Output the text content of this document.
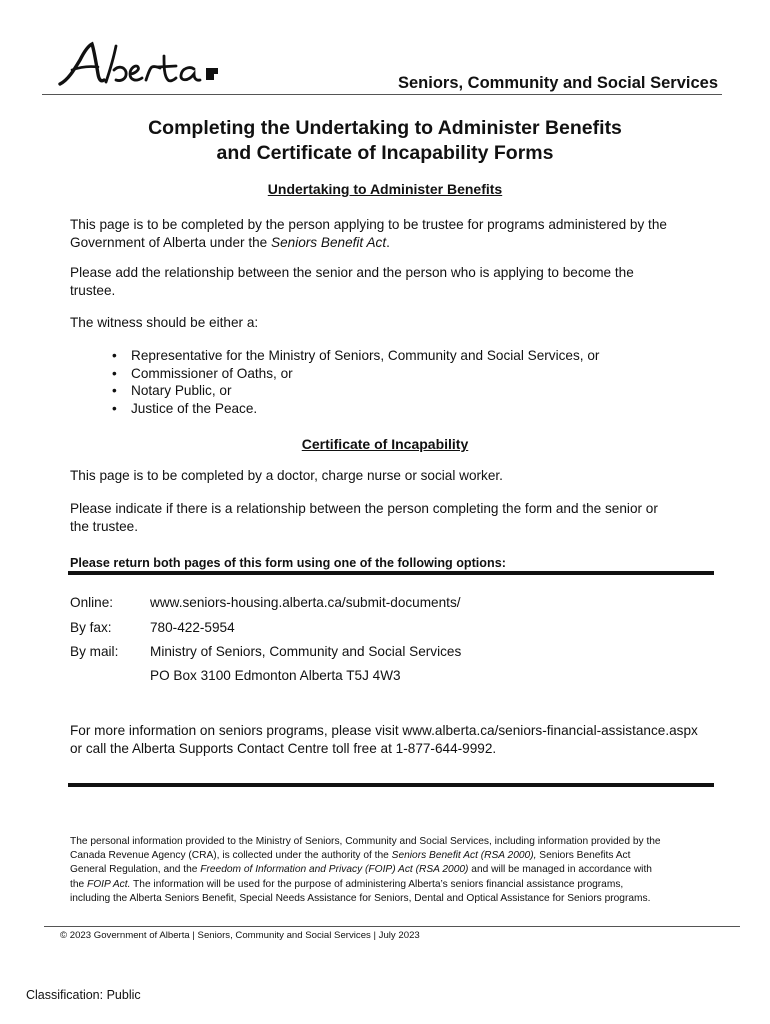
Seniors, Community and Social Services
Completing the Undertaking to Administer Benefits
and Certificate of Incapability Forms
Undertaking to Administer Benefits
This page is to be completed by the person applying to be trustee for programs administered by the
Government of Alberta under the Seniors Benefit Act.
Please add the relationship between the senior and the person who is applying to become the
trustee.
The witness should be either a:
• Representative for the Ministry of Seniors, Community and Social Services, or
• Commissioner of Oaths, or
• Notary Public, or
• Justice of the Peace.
Certificate of Incapability
This page is to be completed by a doctor, charge nurse or social worker.
Please indicate if there is a relationship between the person completing the form and the senior or
the trustee.
Please return both pages of this form using one of the following options:
Online:	www.seniors-housing.alberta.ca/submit-documents/
By fax:	780-422-5954
By mail: Ministry of Seniors, Community and Social Services
PO Box 3100 Edmonton Alberta T5J 4W3
For more information on seniors programs, please visit www.alberta.ca/seniors-financial-assistance.aspx
or call the Alberta Supports Contact Centre toll free at 1-877-644-9992.
The personal information provided to the Ministry of Seniors, Community and Social Services, including information provided by the
Canada Revenue Agency (CRA), is collected under the authority of the Seniors Benefit Act (RSA 2000), Seniors Benefits Act
General Regulation, and the Freedom of Information and Privacy (FOIP) Act (RSA 2000) and will be managed in accordance with
the FOIP Act. The information will be used for the purpose of administering Alberta’s seniors financial assistance programs,
including the Alberta Seniors Benefit, Special Needs Assistance for Seniors, Dental and Optical Assistance for Seniors programs.
© 2023 Government of Alberta | Seniors, Community and Social Services | July 2023
Classification: Public
